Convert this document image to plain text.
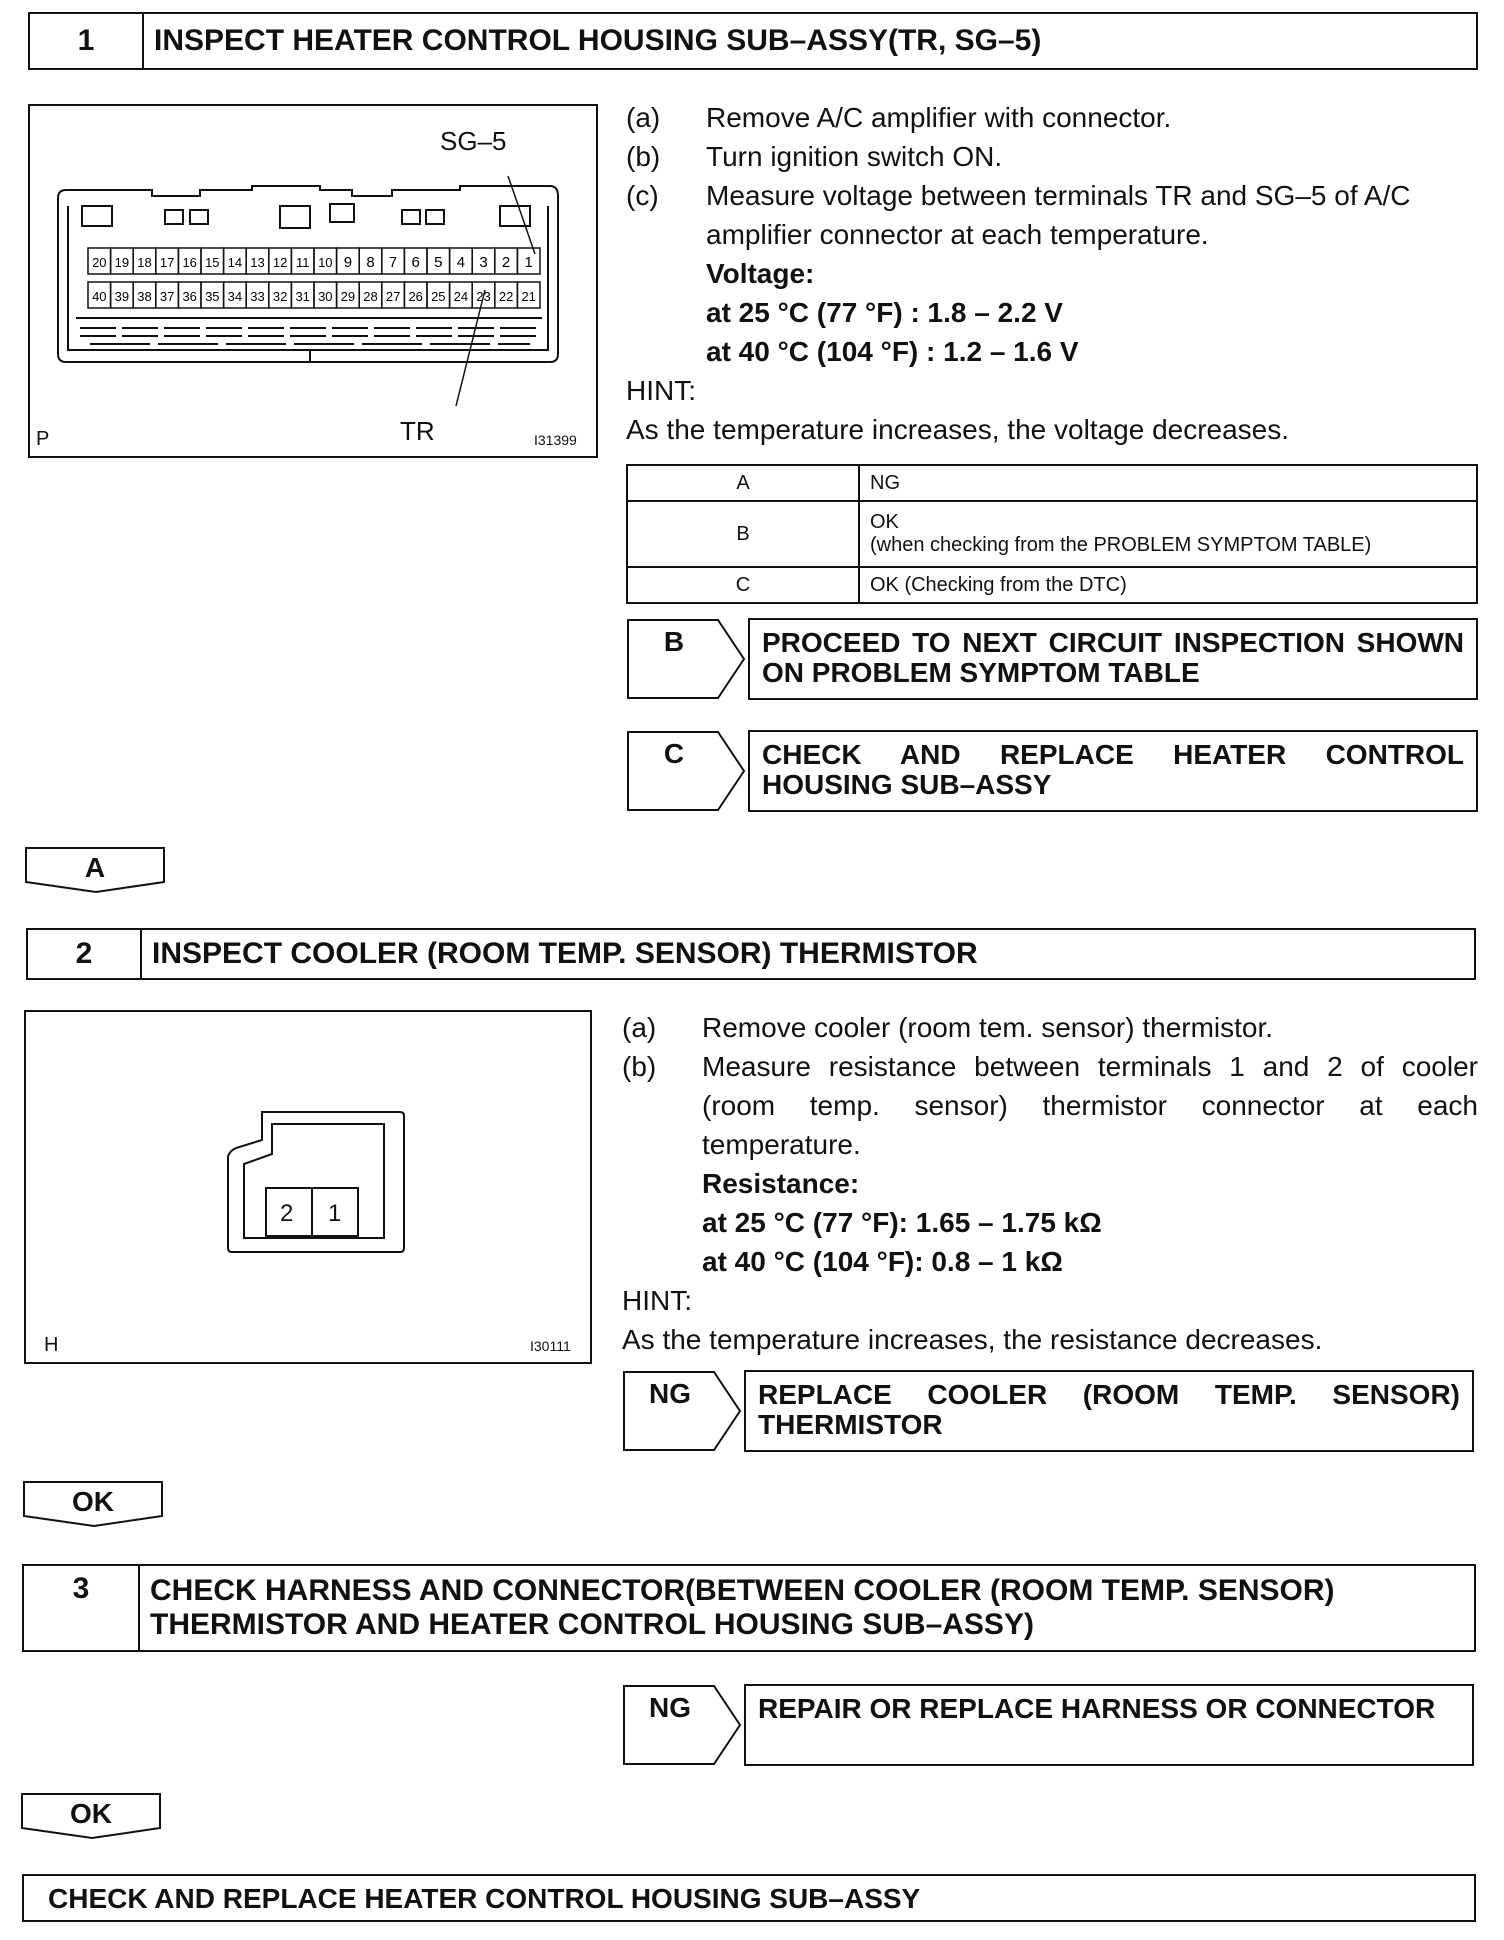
1	INSPECT HEATER CONTROL HOUSING SUB–ASSY(TR, SG–5)
20 19 18 17 16 15 14 13 12 11 10 9 8 7 6 5 4 3 2 1
40 39 38 37 36 35 34 33 32 31 30 29 28 27 26 25 24 23 22 21
SG–5
TR
P	I31399
(a)	Remove A/C amplifier with connector.
(b)	Turn ignition switch ON.
(c)	Measure voltage between terminals TR and SG–5 of A/C amplifier connector at each temperature.
Voltage:
at 25 °C (77 °F) : 1.8 – 2.2 V
at 40 °C (104 °F) : 1.2 – 1.6 V
HINT:
As the temperature increases, the voltage decreases.
A	NG
B	OK
(when checking from the PROBLEM SYMPTOM TABLE)

C	OK (Checking from the DTC)
B	PROCEED TO NEXT CIRCUIT INSPECTION SHOWN ON PROBLEM SYMPTOM TABLE
C	CHECK AND REPLACE HEATER CONTROL HOUSING SUB–ASSY
A
2	INSPECT COOLER (ROOM TEMP. SENSOR) THERMISTOR
2 1
H	I30111
(a)	Remove cooler (room tem. sensor) thermistor.
(b)	Measure resistance between terminals 1 and 2 of cooler (room temp. sensor) thermistor connector at each temperature.
Resistance:
at 25 °C (77 °F): 1.65 – 1.75 kΩ
at 40 °C (104 °F): 0.8 – 1 kΩ
HINT:
As the temperature increases, the resistance decreases.
NG	REPLACE COOLER (ROOM TEMP. SENSOR) THERMISTOR
OK
3	CHECK HARNESS AND CONNECTOR(BETWEEN COOLER (ROOM TEMP. SENSOR) THERMISTOR AND HEATER CONTROL HOUSING SUB–ASSY)
NG	REPAIR OR REPLACE HARNESS OR CONNECTOR
OK
CHECK AND REPLACE HEATER CONTROL HOUSING SUB–ASSY
